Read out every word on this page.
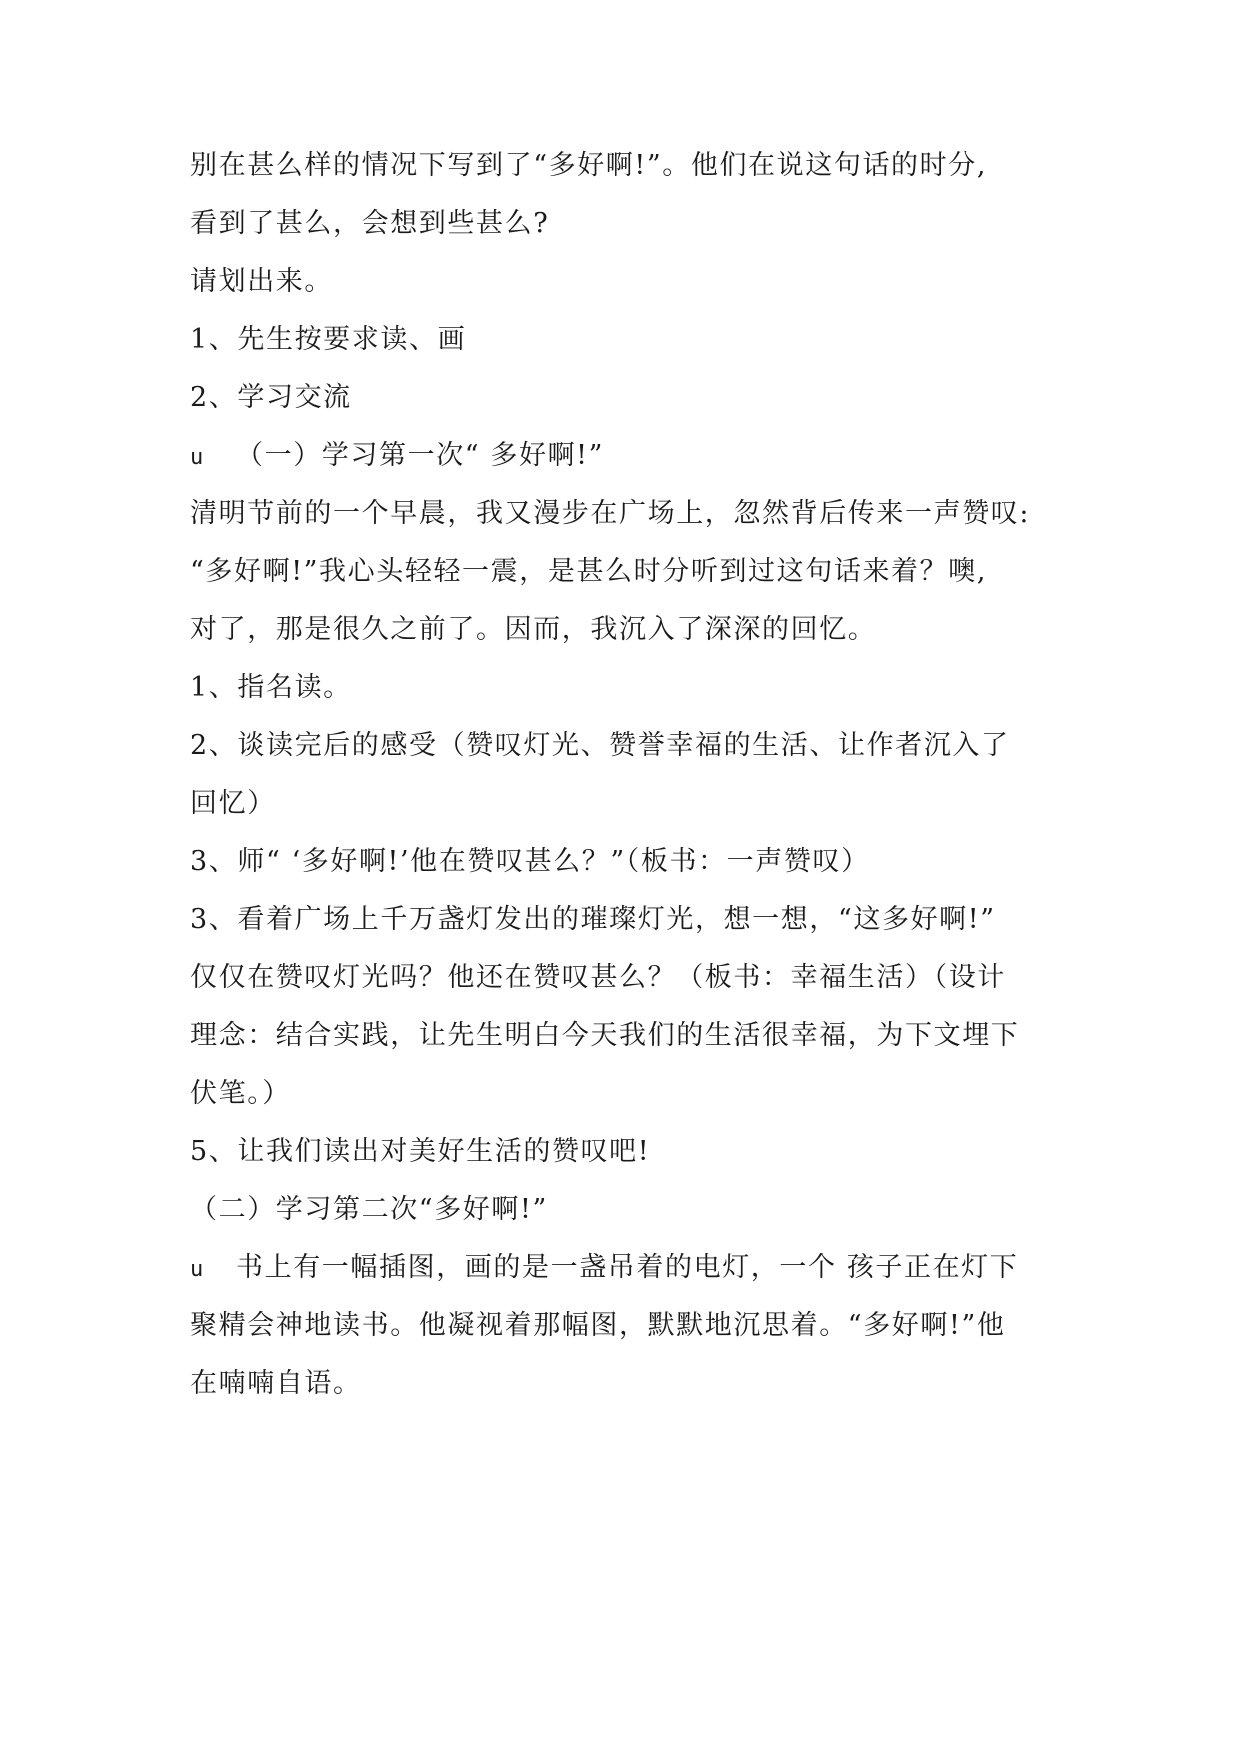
别在甚么样的情况下写到了“多好啊!”。他们在说这句话的时分,
看到了甚么，会想到些甚么?
请划出来。
1、先生按要求读、画
2、学习交流
u （一）学习第一次“ 多好啊!”
清明节前的一个早晨，我又漫步在广场上，忽然背后传来一声赞叹:
“多好啊!”我心头轻轻一震，是甚么时分听到过这句话来着？噢,
对了，那是很久之前了。因而，我沉入了深深的回忆。
1、指名读。
2、谈读完后的感受（赞叹灯光、赞誉幸福的生活、让作者沉入了
回忆）
3、师“ ‘多好啊!’他在赞叹甚么？”（板书：一声赞叹）
3、看着广场上千万盏灯发出的璀璨灯光，想一想，“这多好啊!”
仅仅在赞叹灯光吗？他还在赞叹甚么？（板书：幸福生活）（设计
理念：结合实践，让先生明白今天我们的生活很幸福，为下文埋下
伏笔。）
5、让我们读出对美好生活的赞叹吧!
（二）学习第二次“多好啊!”
u 书上有一幅插图，画的是一盏吊着的电灯，一个 孩子正在灯下
聚精会神地读书。他凝视着那幅图，默默地沉思着。“多好啊!”他
在喃喃自语。
